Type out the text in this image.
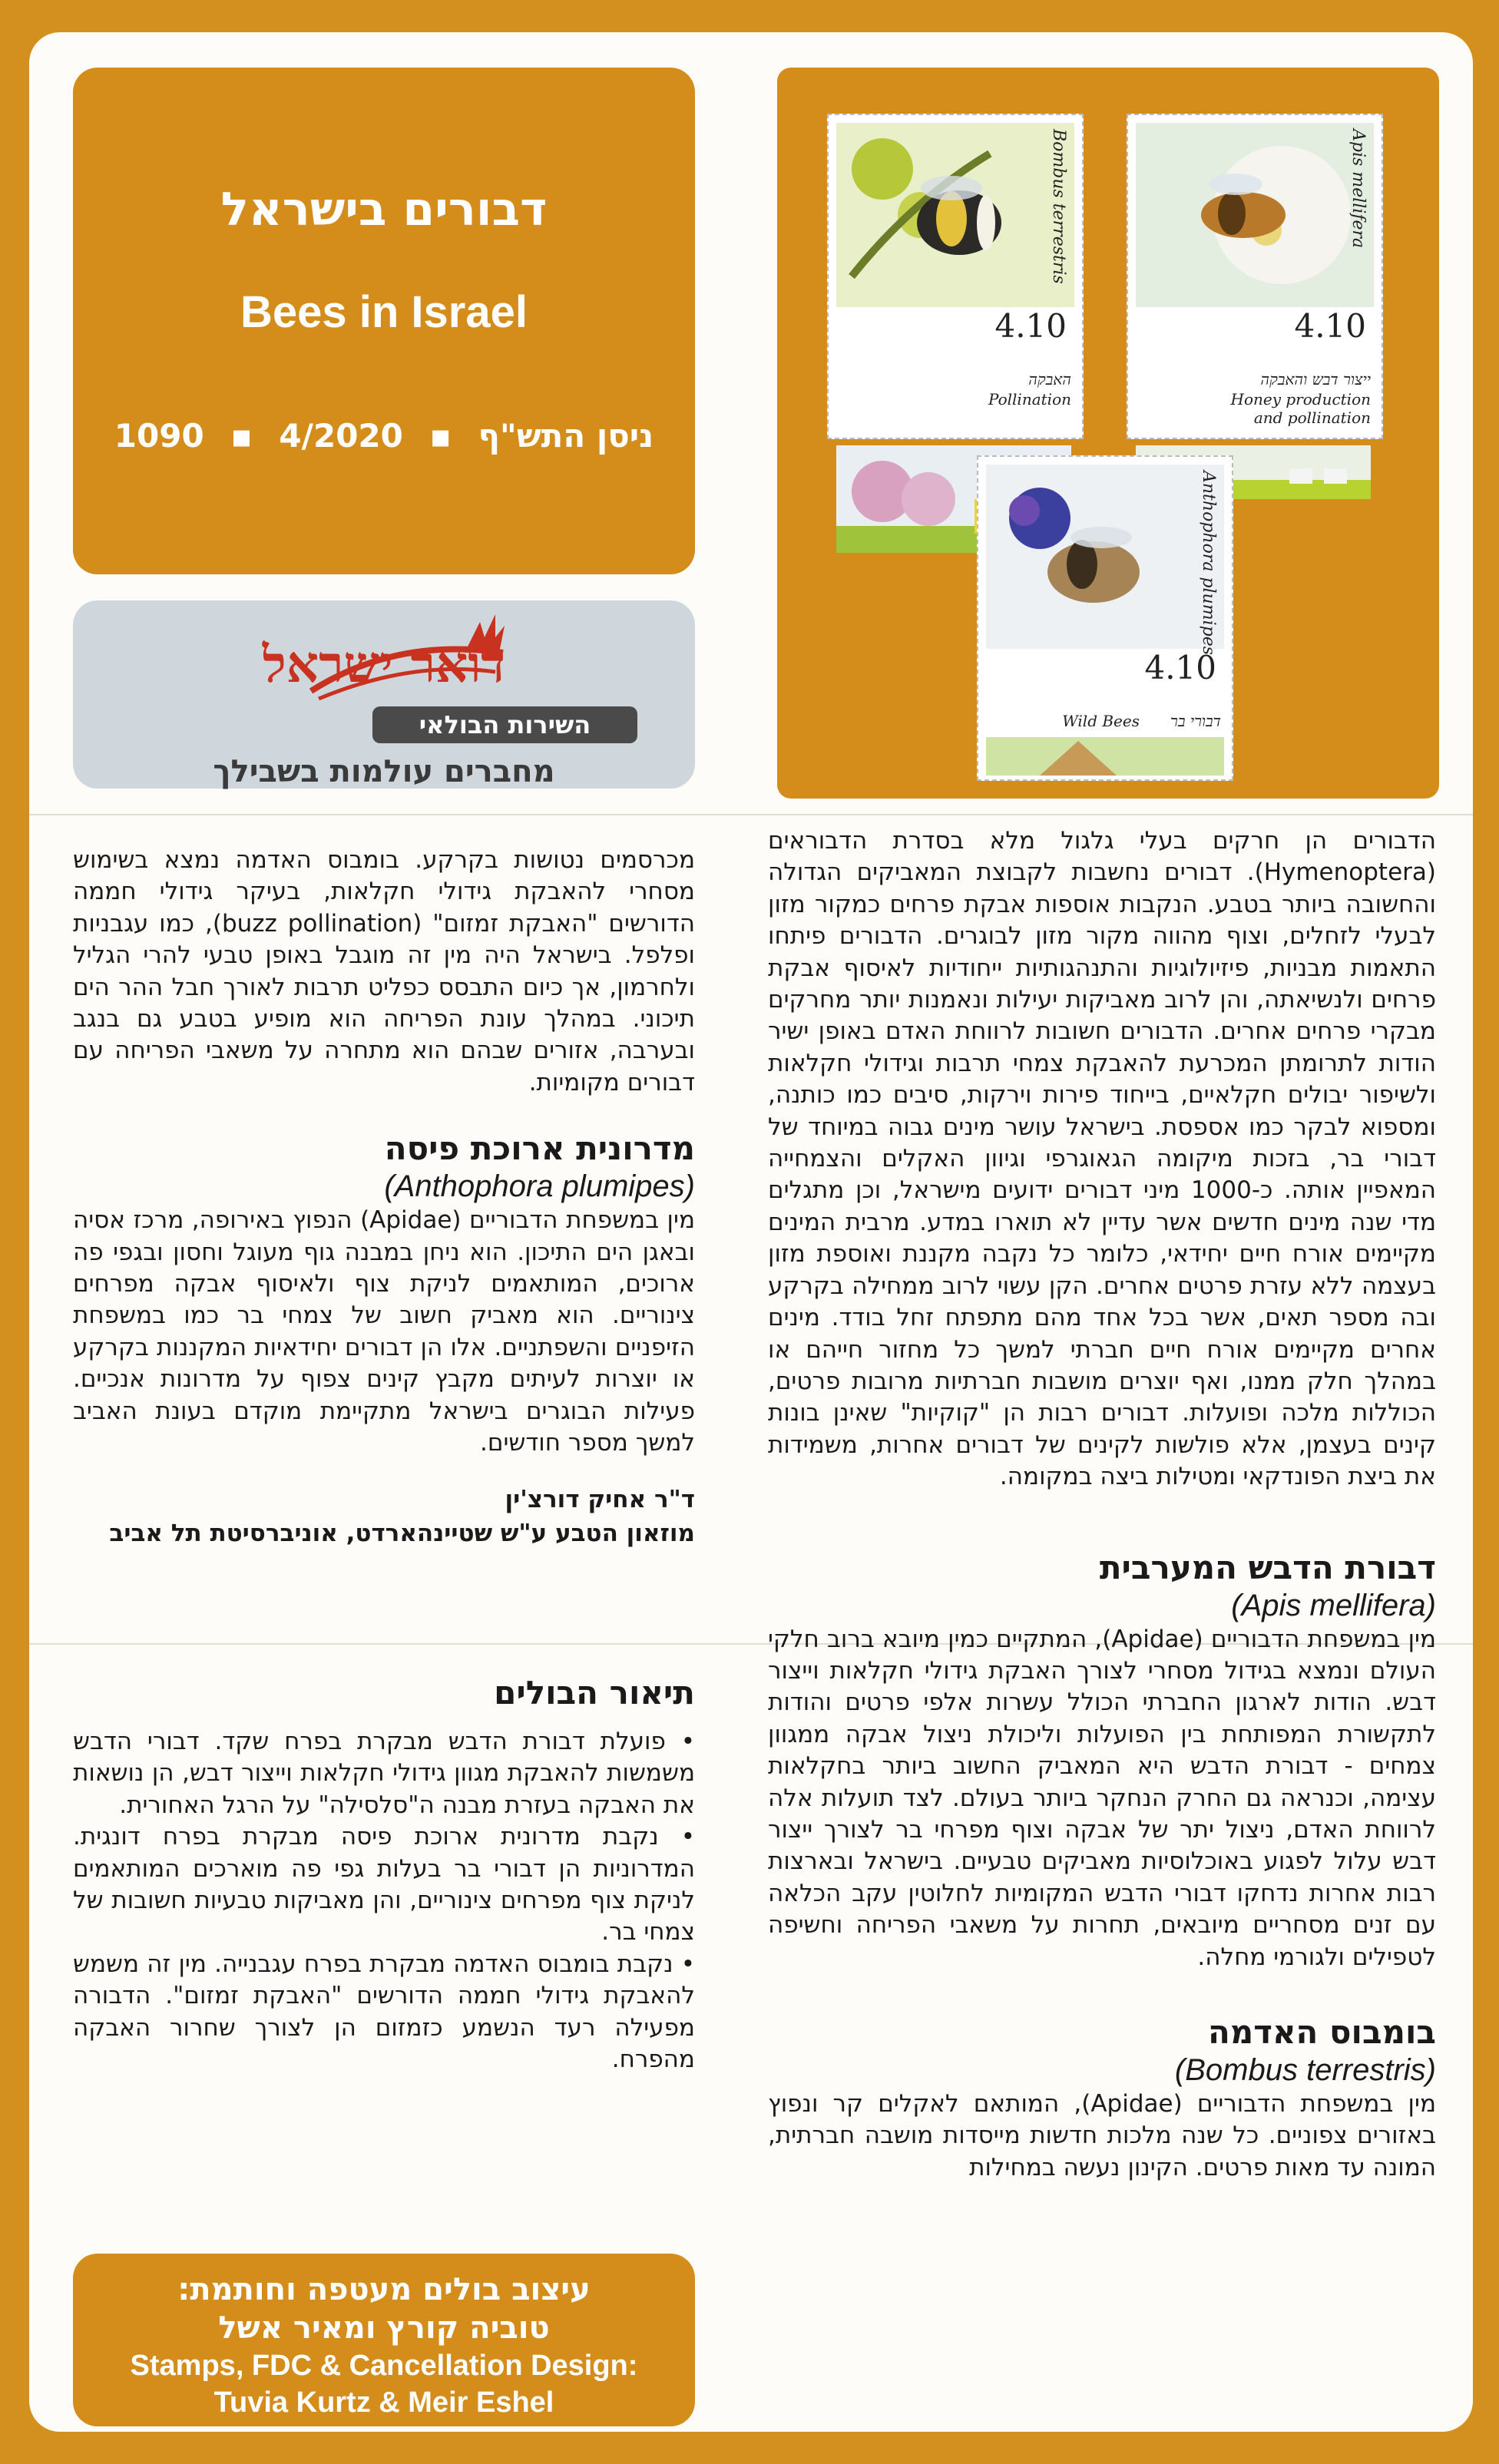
דבורים בישראל
Bees in Israel
ניסן התש"ף ▪ 4/2020 ▪ 1090
דואר ישראל
השירות הבולאי
מחברים עולמות בשבילך
Bombus terrestris
4.10
האבקה
Pollination
Apis mellifera
4.10
ייצור דבש והאבקה
Honey production and pollination
Anthophora plumipes
4.10
דבורי בר
Wild Bees

הדבורים הן חרקים בעלי גלגול מלא בסדרת הדבוראים (Hymenoptera). דבורים נחשבות לקבוצת המאביקים הגדולה והחשובה ביותר בטבע. הנקבות אוספות אבקת פרחים כמקור מזון לבעלי לזחלים, וצוף מהווה מקור מזון לבוגרים. הדבורים פיתחו התאמות מבניות, פיזיולוגיות והתנהגותיות ייחודיות לאיסוף אבקת פרחים ולנשיאתה, והן לרוב מאביקות יעילות ונאמנות יותר מחרקים מבקרי פרחים אחרים. הדבורים חשובות לרווחת האדם באופן ישיר הודות לתרומתן המכרעת להאבקת צמחי תרבות וגידולי חקלאות ולשיפור יבולים חקלאיים, בייחוד פירות וירקות, סיבים כמו כותנה, ומספוא לבקר כמו אספסת. בישראל עושר מינים גבוה במיוחד של דבורי בר, בזכות מיקומה הגאוגרפי וגיוון האקלים והצמחייה המאפיין אותה. כ-1000 מיני דבורים ידועים מישראל, וכן מתגלים מדי שנה מינים חדשים אשר עדיין לא תוארו במדע. מרבית המינים מקיימים אורח חיים יחידאי, כלומר כל נקבה מקננת ואוספת מזון בעצמה ללא עזרת פרטים אחרים. הקן עשוי לרוב ממחילה בקרקע ובה מספר תאים, אשר בכל אחד מהם מתפתח זחל בודד. מינים אחרים מקיימים אורח חיים חברתי למשך כל מחזור חייהם או במהלך חלק ממנו, ואף יוצרים מושבות חברתיות מרובות פרטים, הכוללות מלכה ופועלות. דבורים רבות הן "קוקיות" שאינן בונות קינים בעצמן, אלא פולשות לקינים של דבורים אחרות, משמידות את ביצת הפונדקאי ומטילות ביצה במקומה.

דבורת הדבש המערבית

(Apis mellifera)

מין במשפחת הדבוריים (Apidae), המתקיים כמין מיובא ברוב חלקי העולם ונמצא בגידול מסחרי לצורך האבקת גידולי חקלאות וייצור דבש. הודות לארגון החברתי הכולל עשרות אלפי פרטים והודות לתקשורת המפותחת בין הפועלות וליכולת ניצול אבקה ממגוון צמחים - דבורת הדבש היא המאביק החשוב ביותר בחקלאות עצימה, וכנראה גם החרק הנחקר ביותר בעולם. לצד תועלות אלה לרווחת האדם, ניצול יתר של אבקה וצוף מפרחי בר לצורך ייצור דבש עלול לפגוע באוכלוסיות מאביקים טבעיים. בישראל ובארצות רבות אחרות נדחקו דבורי הדבש המקומיות לחלוטין עקב הכלאה עם זנים מסחריים מיובאים, תחרות על משאבי הפריחה וחשיפה לטפילים ולגורמי מחלה.

בומבוס האדמה

(Bombus terrestris)

מין במשפחת הדבוריים (Apidae), המותאם לאקלים קר ונפוץ באזורים צפוניים. כל שנה מלכות חדשות מייסדות מושבה חברתית, המונה עד מאות פרטים. הקינון נעשה במחילות

מכרסמים נטושות בקרקע. בומבוס האדמה נמצא בשימוש מסחרי להאבקת גידולי חקלאות, בעיקר גידולי חממה הדורשים "האבקת זמזום" (buzz pollination), כמו עגבניות ופלפל. בישראל היה מין זה מוגבל באופן טבעי להרי הגליל ולחרמון, אך כיום התבסס כפליט תרבות לאורך חבל ההר הים תיכוני. במהלך עונת הפריחה הוא מופיע בטבע גם בנגב ובערבה, אזורים שבהם הוא מתחרה על משאבי הפריחה עם דבורים מקומיות.

מדרונית ארוכת פיסה

(Anthophora plumipes)

מין במשפחת הדבוריים (Apidae) הנפוץ באירופה, מרכז אסיה ובאגן הים התיכון. הוא ניחן במבנה גוף מעוגל וחסון ובגפי פה ארוכים, המותאמים לניקת צוף ולאיסוף אבקה מפרחים צינוריים. הוא מאביק חשוב של צמחי בר כמו במשפחת הזיפניים והשפתניים. אלו הן דבורים יחידאיות המקננות בקרקע או יוצרות לעיתים מקבץ קינים צפוף על מדרונות אנכיים. פעילות הבוגרים בישראל מתקיימת מוקדם בעונת האביב למשך מספר חודשים.

ד"ר אחיק דורצ'ין
מוזאון הטבע ע"ש שטיינהארדט, אוניברסיטת תל אביב

תיאור הבולים

• פועלת דבורת הדבש מבקרת בפרח שקד. דבורי הדבש משמשות להאבקת מגוון גידולי חקלאות וייצור דבש, הן נושאות את האבקה בעזרת מבנה ה"סלסילה" על הרגל האחורית.

• נקבת מדרונית ארוכת פיסה מבקרת בפרח דונגית. המדרוניות הן דבורי בר בעלות גפי פה מוארכים המותאמים לניקת צוף מפרחים צינוריים, והן מאביקות טבעיות חשובות של צמחי בר.

• נקבת בומבוס האדמה מבקרת בפרח עגבנייה. מין זה משמש להאבקת גידולי חממה הדורשים "האבקת זמזום". הדבורה מפעילה רעד הנשמע כזמזום הן לצורך שחרור האבקה מהפרח.

עיצוב בולים מעטפה וחותמת:
טוביה קורץ ומאיר אשל
Stamps, FDC & Cancellation Design:
Tuvia Kurtz & Meir Eshel
